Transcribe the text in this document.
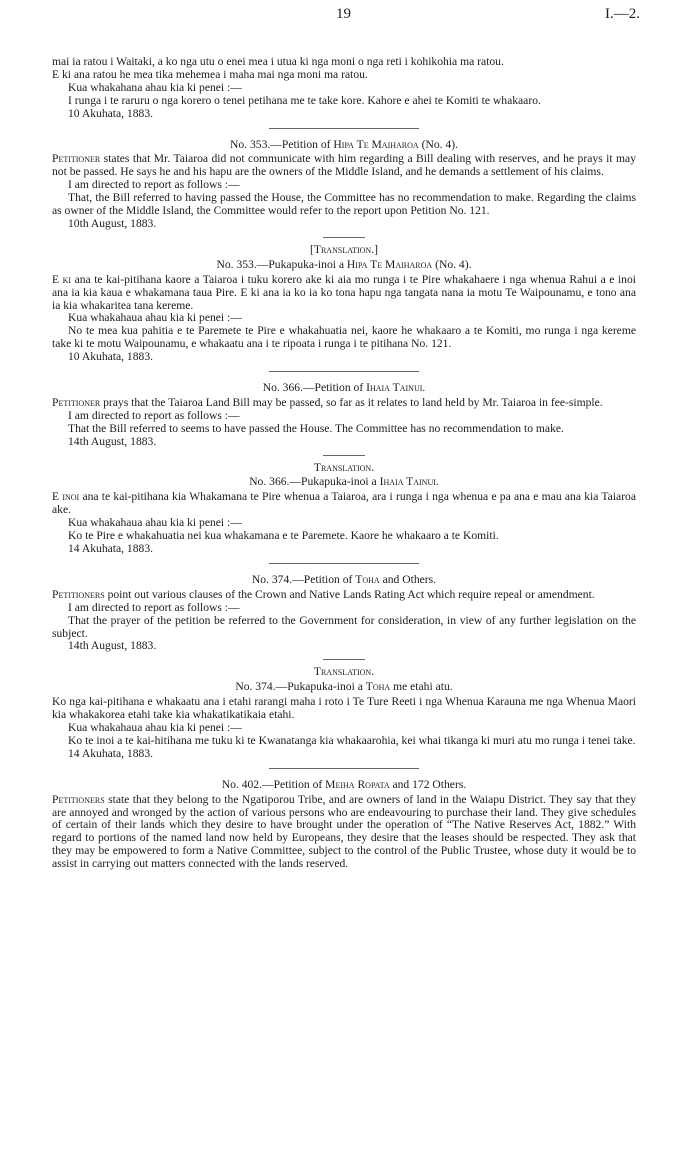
19	I.—2.

mai ia ratou i Waitaki, a ko nga utu o enei mea i utua ki nga moni o nga reti i kohikohia ma ratou.

E ki ana ratou he mea tika mehemea i maha mai nga moni ma ratou.

Kua whakahana ahau kia ki penei :—

I runga i te raruru o nga korero o tenei petihana me te take kore. Kahore e ahei te Komiti te whakaaro.

10 Akuhata, 1883.

No. 353.—Petition of Hipa Te Maiharoa (No. 4).

Petitioner states that Mr. Taiaroa did not communicate with him regarding a Bill dealing with reserves, and he prays it may not be passed. He says he and his hapu are the owners of the Middle Island, and he demands a settlement of his claims.

I am directed to report as follows :—

That, the Bill referred to having passed the House, the Committee has no recommendation to make. Regarding the claims as owner of the Middle Island, the Committee would refer to the report upon Petition No. 121.

10th August, 1883.

[Translation.]

No. 353.—Pukapuka-inoi a Hipa Te Maiharoa (No. 4).

E ki ana te kai-pitihana kaore a Taiaroa i tuku korero ake ki aia mo runga i te Pire whakahaere i nga whenua Rahui a e inoi ana ia kia kaua e whakamana taua Pire. E ki ana ia ko ia ko tona hapu nga tangata nana ia motu Te Waipounamu, e tono ana ia kia whakaritea tana kereme.

Kua whakahaua ahau kia ki penei :—

No te mea kua pahitia e te Paremete te Pire e whakahuatia nei, kaore he whakaaro a te Komiti, mo runga i nga kereme take ki te motu Waipounamu, e whakaatu ana i te ripoata i runga i te pitihana No. 121.

10 Akuhata, 1883.

No. 366.—Petition of Ihaia Tainui.

Petitioner prays that the Taiaroa Land Bill may be passed, so far as it relates to land held by Mr. Taiaroa in fee-simple.

I am directed to report as follows :—

That the Bill referred to seems to have passed the House. The Committee has no recommendation to make.

14th August, 1883.

Translation.

No. 366.—Pukapuka-inoi a Ihaia Tainui.

E inoi ana te kai-pitihana kia Whakamana te Pire whenua a Taiaroa, ara i runga i nga whenua e pa ana e mau ana kia Taiaroa ake.

Kua whakahaua ahau kia ki penei :—

Ko te Pire e whakahuatia nei kua whakamana e te Paremete. Kaore he whakaaro a te Komiti.

14 Akuhata, 1883.

No. 374.—Petition of Toha and Others.

Petitioners point out various clauses of the Crown and Native Lands Rating Act which require repeal or amendment.

I am directed to report as follows :—

That the prayer of the petition be referred to the Government for consideration, in view of any further legislation on the subject.

14th August, 1883.

Translation.

No. 374.—Pukapuka-inoi a Toha me etahi atu.

Ko nga kai-pitihana e whakaatu ana i etahi rarangi maha i roto i Te Ture Reeti i nga Whenua Karauna me nga Whenua Maori kia whakakorea etahi take kia whakatikatikaia etahi.

Kua whakahaua ahau kia ki penei :—

Ko te inoi a te kai-hitihana me tuku ki te Kwanatanga kia whakaarohia, kei whai tikanga ki muri atu mo runga i tenei take.

14 Akuhata, 1883.

No. 402.—Petition of Meiha Ropata and 172 Others.

Petitioners state that they belong to the Ngatiporou Tribe, and are owners of land in the Waiapu District. They say that they are annoyed and wronged by the action of various persons who are endeavouring to purchase their land. They give schedules of certain of their lands which they desire to have brought under the operation of “The Native Reserves Act, 1882.” With regard to portions of the named land now held by Europeans, they desire that the leases should be respected. They ask that they may be empowered to form a Native Committee, subject to the control of the Public Trustee, whose duty it would be to assist in carrying out matters connected with the lands reserved.
